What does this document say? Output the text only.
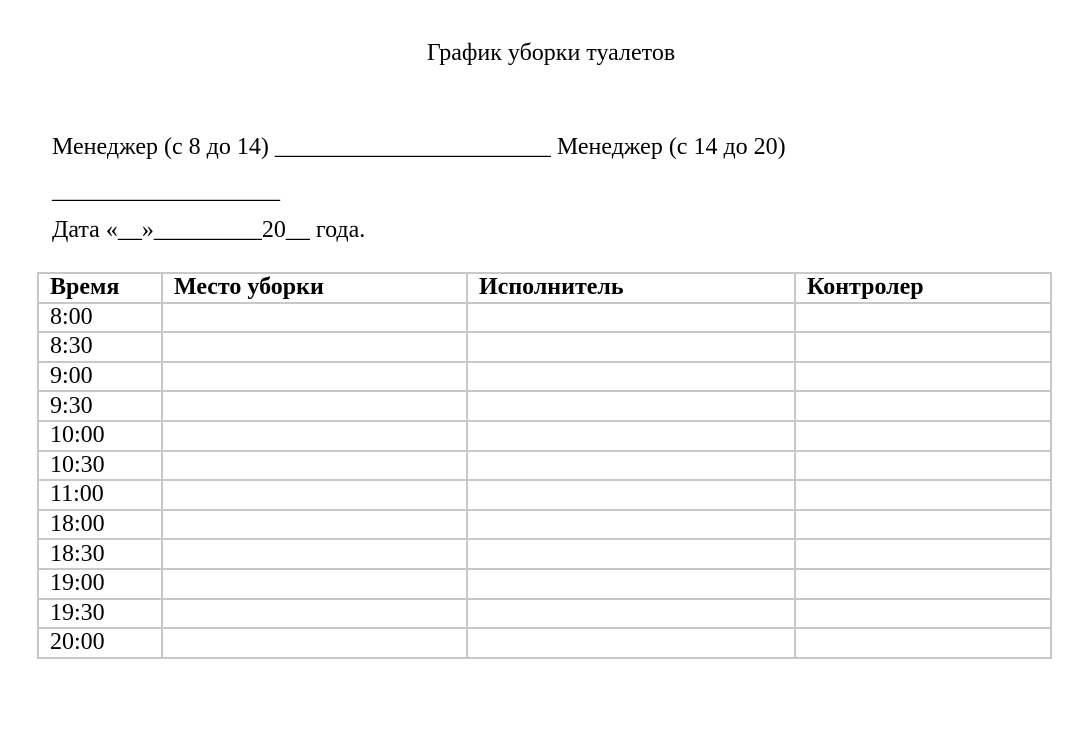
График уборки туалетов
Менеджер (с 8 до 14) _______________________ Менеджер (с 14 до 20) ___________________
Дата «__»_________20__ года.
Время	Место уборки	Исполнитель	Контролер
8:00			
8:30			
9:00			
9:30			
10:00			
10:30			
11:00			
18:00			
18:30			
19:00			
19:30			
20:00			
